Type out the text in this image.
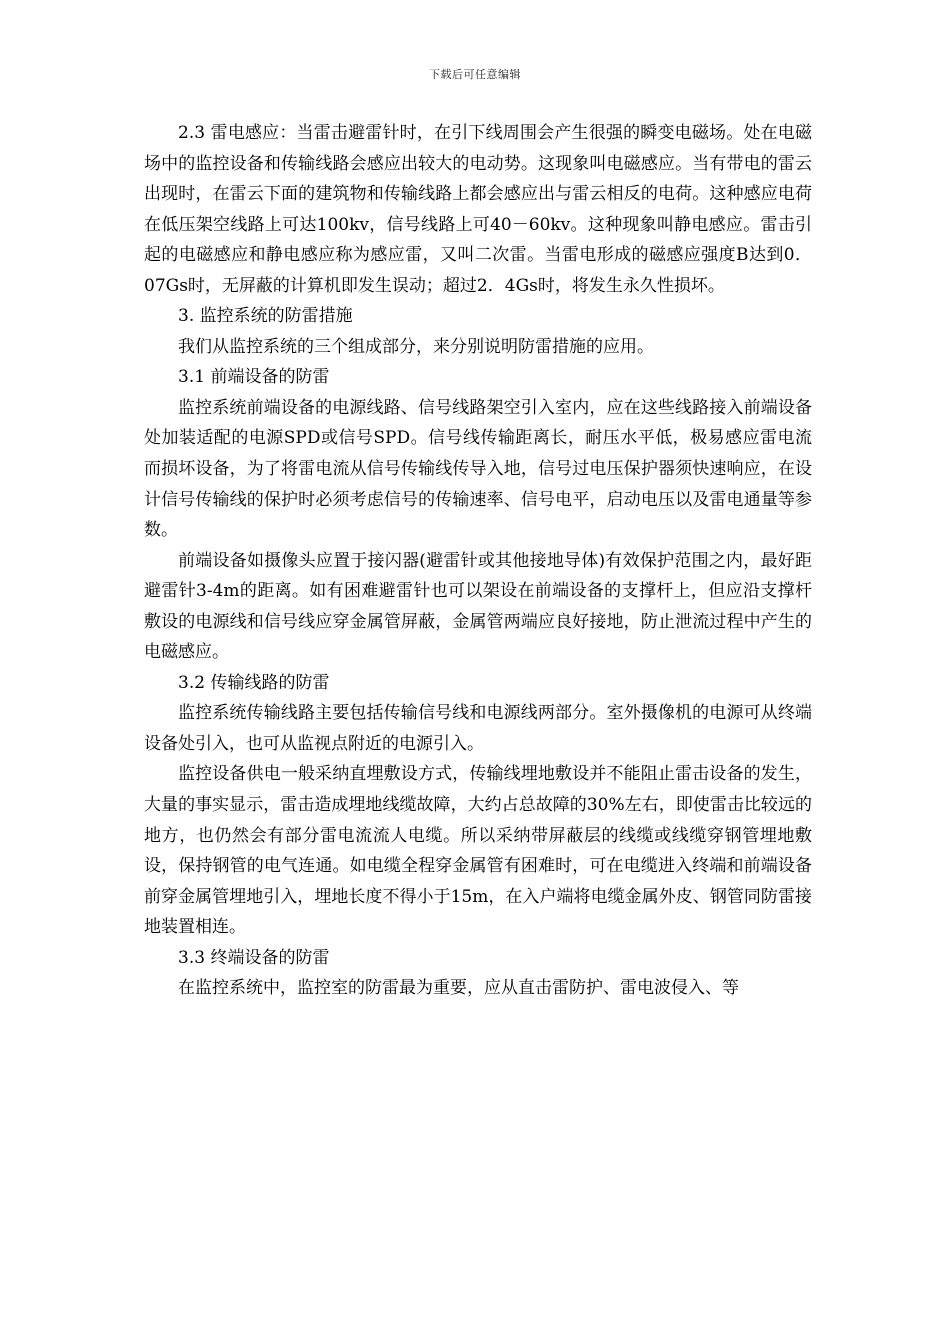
下载后可任意编辑

2.3 雷电感应：当雷击避雷针时，在引下线周围会产生很强的瞬变电磁场。处在电磁场中的监控设备和传输线路会感应出较大的电动势。这现象叫电磁感应。当有带电的雷云出现时，在雷云下面的建筑物和传输线路上都会感应出与雷云相反的电荷。这种感应电荷在低压架空线路上可达100kv，信号线路上可40－60kv。这种现象叫静电感应。雷击引起的电磁感应和静电感应称为感应雷，又叫二次雷。当雷电形成的磁感应强度B达到0．07Gs时，无屏蔽的计算机即发生误动；超过2．4Gs时，将发生永久性损坏。

3. 监控系统的防雷措施

我们从监控系统的三个组成部分，来分别说明防雷措施的应用。

3.1 前端设备的防雷

监控系统前端设备的电源线路、信号线路架空引入室内，应在这些线路接入前端设备处加装适配的电源SPD或信号SPD。信号线传输距离长，耐压水平低，极易感应雷电流而损坏设备，为了将雷电流从信号传输线传导入地，信号过电压保护器须快速响应，在设计信号传输线的保护时必须考虑信号的传输速率、信号电平，启动电压以及雷电通量等参数。

前端设备如摄像头应置于接闪器(避雷针或其他接地导体)有效保护范围之内，最好距避雷针3-4m的距离。如有困难避雷针也可以架设在前端设备的支撑杆上，但应沿支撑杆敷设的电源线和信号线应穿金属管屏蔽，金属管两端应良好接地，防止泄流过程中产生的电磁感应。

3.2 传输线路的防雷

监控系统传输线路主要包括传输信号线和电源线两部分。室外摄像机的电源可从终端设备处引入，也可从监视点附近的电源引入。

监控设备供电一般采纳直埋敷设方式，传输线埋地敷设并不能阻止雷击设备的发生，大量的事实显示，雷击造成埋地线缆故障，大约占总故障的30%左右，即使雷击比较远的地方，也仍然会有部分雷电流流人电缆。所以采纳带屏蔽层的线缆或线缆穿钢管埋地敷设，保持钢管的电气连通。如电缆全程穿金属管有困难时，可在电缆进入终端和前端设备前穿金属管埋地引入，埋地长度不得小于15m，在入户端将电缆金属外皮、钢管同防雷接地装置相连。

3.3 终端设备的防雷

在监控系统中，监控室的防雷最为重要，应从直击雷防护、雷电波侵入、等
